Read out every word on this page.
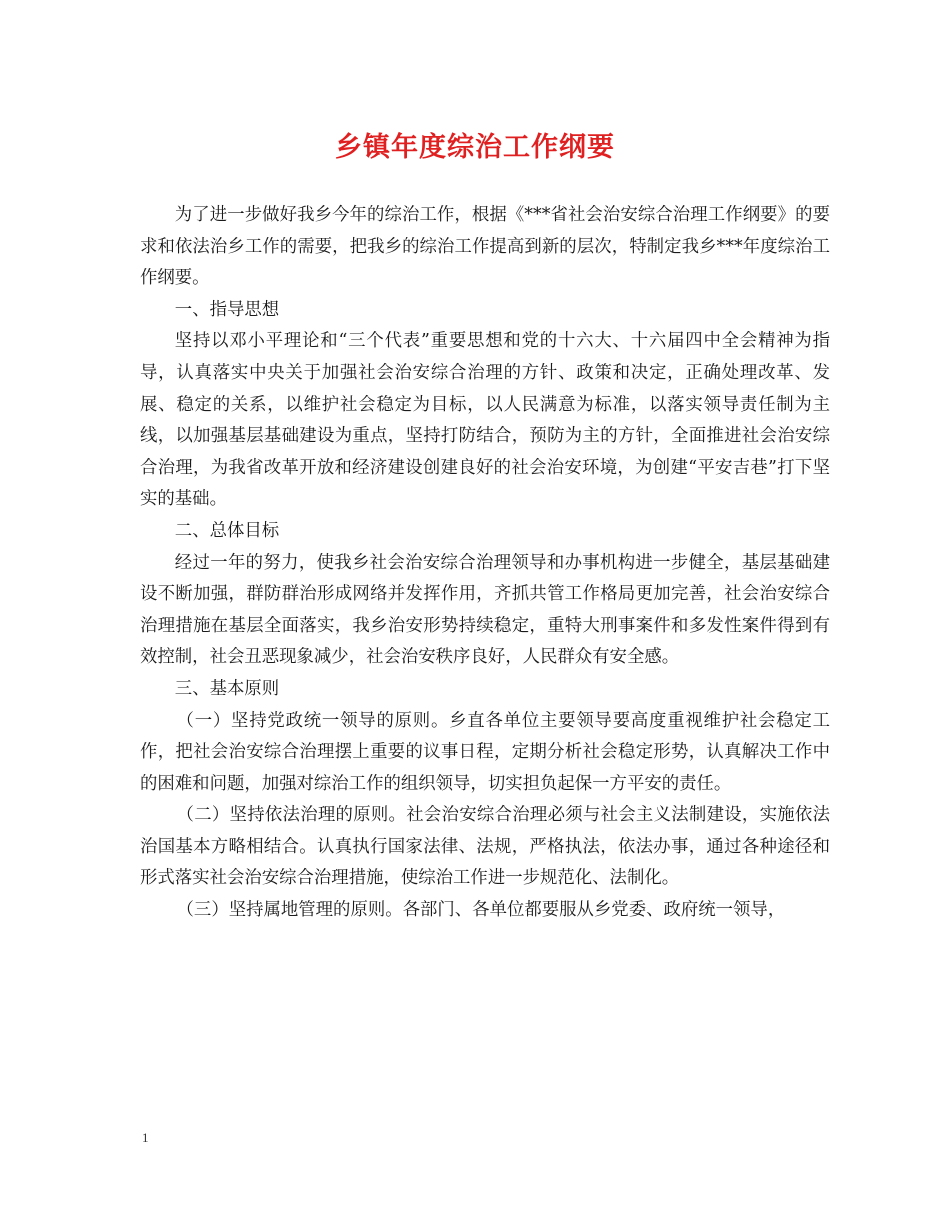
乡镇年度综治工作纲要

为了进一步做好我乡今年的综治工作，根据《***省社会治安综合治理工作纲要》的要求和依法治乡工作的需要，把我乡的综治工作提高到新的层次，特制定我乡***年度综治工作纲要。

一、指导思想

坚持以邓小平理论和“三个代表”重要思想和党的十六大、十六届四中全会精神为指导，认真落实中央关于加强社会治安综合治理的方针、政策和决定，正确处理改革、发展、稳定的关系，以维护社会稳定为目标，以人民满意为标准，以落实领导责任制为主线，以加强基层基础建设为重点，坚持打防结合，预防为主的方针，全面推进社会治安综合治理，为我省改革开放和经济建设创建良好的社会治安环境，为创建“平安吉巷”打下坚实的基础。

二、总体目标

经过一年的努力，使我乡社会治安综合治理领导和办事机构进一步健全，基层基础建设不断加强，群防群治形成网络并发挥作用，齐抓共管工作格局更加完善，社会治安综合治理措施在基层全面落实，我乡治安形势持续稳定，重特大刑事案件和多发性案件得到有效控制，社会丑恶现象减少，社会治安秩序良好，人民群众有安全感。

三、基本原则

（一）坚持党政统一领导的原则。乡直各单位主要领导要高度重视维护社会稳定工作，把社会治安综合治理摆上重要的议事日程，定期分析社会稳定形势，认真解决工作中的困难和问题，加强对综治工作的组织领导，切实担负起保一方平安的责任。

（二）坚持依法治理的原则。社会治安综合治理必须与社会主义法制建设，实施依法治国基本方略相结合。认真执行国家法律、法规，严格执法，依法办事，通过各种途径和形式落实社会治安综合治理措施，使综治工作进一步规范化、法制化。

（三）坚持属地管理的原则。各部门、各单位都要服从乡党委、政府统一领导，

1
